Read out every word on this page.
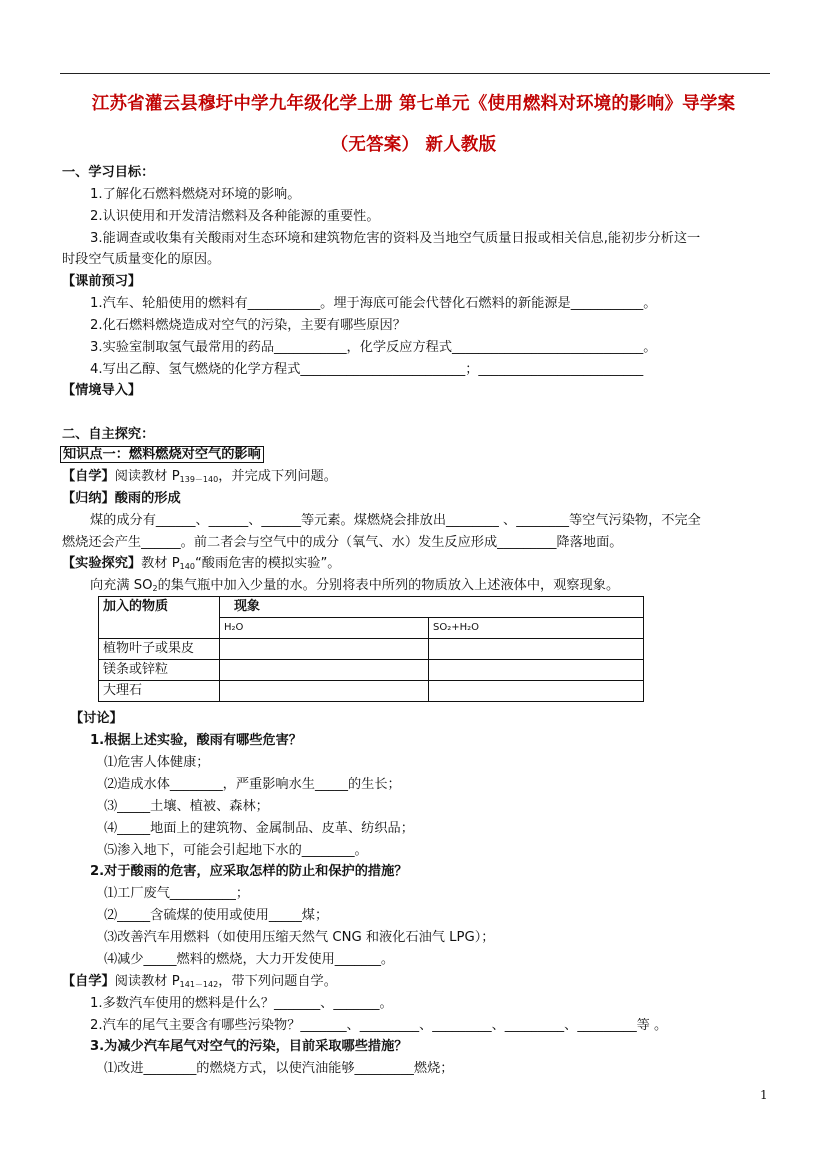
江苏省灌云县穆圩中学九年级化学上册 第七单元《使用燃料对环境的影响》导学案
（无答案） 新人教版
一、学习目标：
1.了解化石燃料燃烧对环境的影响。
2.认识使用和开发清洁燃料及各种能源的重要性。
3.能调查或收集有关酸雨对生态环境和建筑物危害的资料及当地空气质量日报或相关信息,能初步分析这一
时段空气质量变化的原因。
【课前预习】
1.汽车、轮船使用的燃料有___________。埋于海底可能会代替化石燃料的新能源是___________。
2.化石燃料燃烧造成对空气的污染，主要有哪些原因？
3.实验室制取氢气最常用的药品___________，化学反应方程式_____________________________。
4.写出乙醇、氢气燃烧的化学方程式_________________________；_________________________
【情境导入】
二、自主探究：
知识点一：燃料燃烧对空气的影响
【自学】阅读教材 $P_{139-140}$，并完成下列问题。
【归纳】酸雨的形成
煤的成分有______、______、______等元素。煤燃烧会排放出________ 、________等空气污染物，不完全
燃烧还会产生______。前二者会与空气中的成分（氧气、水）发生反应形成_________降落地面。
【实验探究】教材 $P_{140}“$酸雨危害的模拟实验”。
向充满 $SO_2$的集气瓶中加入少量的水。分别将表中所列的物质放入上述液体中，观察现象。
加入的物质	现象	
	H₂O	SO₂+H₂O
植物叶子或果皮		
镁条或锌粒		
大理石		
【讨论】
1.根据上述实验，酸雨有哪些危害？
⑴危害人体健康；
⑵造成水体________，严重影响水生_____的生长；
⑶_____土壤、植被、森林；
⑷_____地面上的建筑物、金属制品、皮革、纺织品；
⑸渗入地下，可能会引起地下水的________。
2.对于酸雨的危害，应采取怎样的防止和保护的措施？
⑴工厂废气__________；
⑵_____含硫煤的使用或使用_____煤；
⑶改善汽车用燃料（如使用压缩天然气 CNG 和液化石油气 LPG）；
⑷减少_____燃料的燃烧，大力开发使用_______。
【自学】阅读教材 $P_{141-142}$，带下列问题自学。
1.多数汽车使用的燃料是什么？_______、_______。
2.汽车的尾气主要含有哪些污染物？_______、_________、_________、_________、_________等 。
3.为减少汽车尾气对空气的污染，目前采取哪些措施？
⑴改进________的燃烧方式，以使汽油能够_________燃烧；
1
